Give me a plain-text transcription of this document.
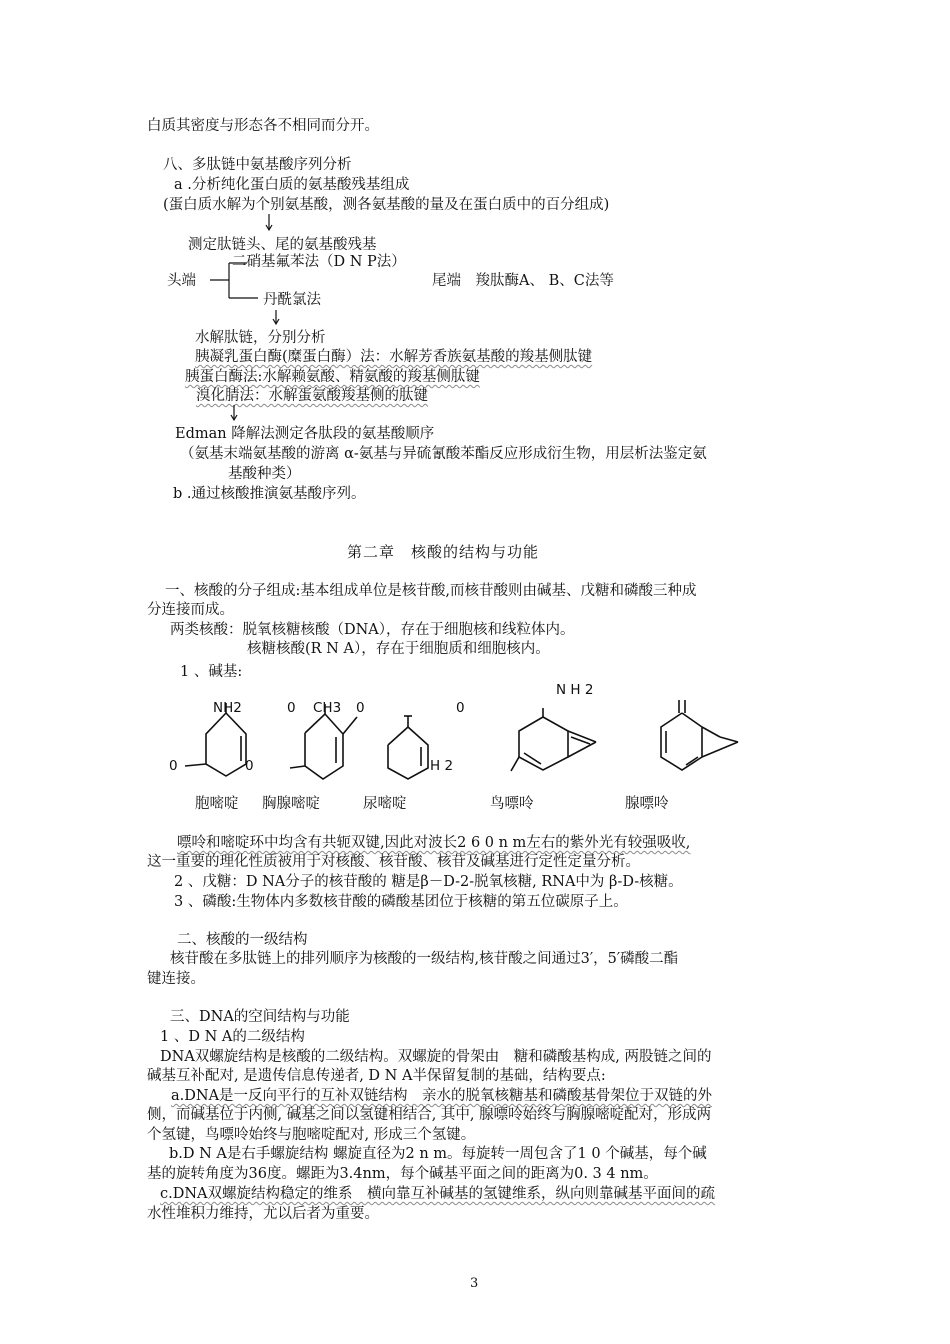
白质其密度与形态各不相同而分开。
八、多肽链中氨基酸序列分析
a .分析纯化蛋白质的氨基酸残基组成
(蛋白质水解为个别氨基酸，测各氨基酸的量及在蛋白质中的百分组成)
测定肽链头、尾的氨基酸残基
二硝基氟苯法（D N P法）
头端	尾端　羧肽酶A、 B、C法等
丹酰氯法
水解肽链，分别分析
胰凝乳蛋白酶(糜蛋白酶）法：水解芳香族氨基酸的羧基侧肽键
胰蛋白酶法:水解赖氨酸、精氨酸的羧基侧肽键
溴化腈法：水解蛋氨酸羧基侧的肽键
Edman 降解法测定各肽段的氨基酸顺序
（氨基末端氨基酸的游离 α-氨基与异硫氰酸苯酯反应形成衍生物，用层析法鉴定氨
基酸种类）
b .通过核酸推演氨基酸序列。
第二章　核酸的结构与功能
一、核酸的分子组成:基本组成单位是核苷酸,而核苷酸则由碱基、戊糖和磷酸三种成
分连接而成。
两类核酸：脱氧核糖核酸（DNA），存在于细胞核和线粒体内。
核糖核酸(R N A），存在于细胞质和细胞核内。
1 、碱基:
N H 2
NH2	0 CH3 0	0
0	0	H 2
胞嘧啶 胸腺嘧啶	尿嘧啶	鸟嘌呤	腺嘌呤
嘌呤和嘧啶环中均含有共轭双键,因此对波长2 6 0 n m左右的紫外光有较强吸收,
这一重要的理化性质被用于对核酸、核苷酸、核苷及碱基进行定性定量分析。
2 、戊糖：D NA分子的核苷酸的 糖是β－D-2-脱氧核糖, RNA中为 β-D-核糖。
3 、磷酸:生物体内多数核苷酸的磷酸基团位于核糖的第五位碳原子上。
二、核酸的一级结构
核苷酸在多肽链上的排列顺序为核酸的一级结构,核苷酸之间通过3′，5′磷酸二酯
键连接。
三、DNA的空间结构与功能
1 、D N A的二级结构
DNA双螺旋结构是核酸的二级结构。双螺旋的骨架由　糖和磷酸基构成, 两股链之间的
碱基互补配对, 是遗传信息传递者, D N A半保留复制的基础，结构要点:
a.DNA是一反向平行的互补双链结构　亲水的脱氧核糖基和磷酸基骨架位于双链的外
侧，而碱基位于内侧, 碱基之间以氢键相结合, 其中, 腺嘌呤始终与胸腺嘧啶配对，形成两
个氢键，鸟嘌呤始终与胞嘧啶配对, 形成三个氢键。
b.D N A是右手螺旋结构 螺旋直径为2 n m。每旋转一周包含了1 0 个碱基，每个碱
基的旋转角度为36度。螺距为3.4nm，每个碱基平面之间的距离为0. 3 4 nm。
c.DNA双螺旋结构稳定的维系　横向靠互补碱基的氢键维系，纵向则靠碱基平面间的疏
水性堆积力维持，尤以后者为重要。
3
